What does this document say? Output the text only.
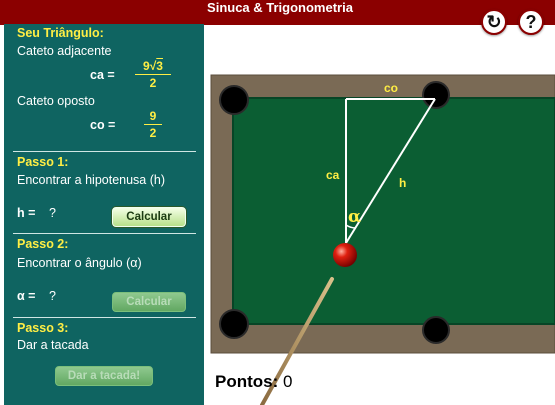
Sinuca & Trigonometria
↻	?
Seu Triângulo:
Cateto adjacente
ca =
9√3
2
Cateto oposto
co =
9
2
Passo 1:
Encontrar a hipotenusa (h)
h = ?	Calcular
Passo 2:
Encontrar o ângulo (α)
α = ?	Calcular
Passo 3:
Dar a tacada
Dar a tacada!
co
ca
h
α
Pontos: 0
